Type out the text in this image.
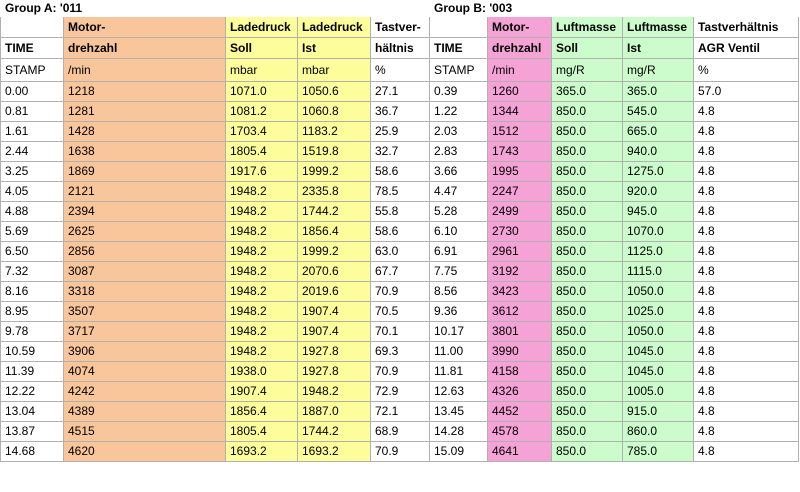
Group A: '011					Group B: '003				
	Motor-	Ladedruck	Ladedruck	Tastver-		Motor-	Luftmasse	Luftmasse	Tastverhältnis
TIME	drehzahl	Soll	Ist	hältnis	TIME	drehzahl	Soll	Ist	AGR Ventil
STAMP	/min	mbar	mbar	%	STAMP	/min	mg/R	mg/R	%
0.00	1218	1071.0	1050.6	27.1	0.39	1260	365.0	365.0	57.0
0.81	1281	1081.2	1060.8	36.7	1.22	1344	850.0	545.0	4.8
1.61	1428	1703.4	1183.2	25.9	2.03	1512	850.0	665.0	4.8
2.44	1638	1805.4	1519.8	32.7	2.83	1743	850.0	940.0	4.8
3.25	1869	1917.6	1999.2	58.6	3.66	1995	850.0	1275.0	4.8
4.05	2121	1948.2	2335.8	78.5	4.47	2247	850.0	920.0	4.8
4.88	2394	1948.2	1744.2	55.8	5.28	2499	850.0	945.0	4.8
5.69	2625	1948.2	1856.4	58.6	6.10	2730	850.0	1070.0	4.8
6.50	2856	1948.2	1999.2	63.0	6.91	2961	850.0	1125.0	4.8
7.32	3087	1948.2	2070.6	67.7	7.75	3192	850.0	1115.0	4.8
8.16	3318	1948.2	2019.6	70.9	8.56	3423	850.0	1050.0	4.8
8.95	3507	1948.2	1907.4	70.5	9.36	3612	850.0	1025.0	4.8
9.78	3717	1948.2	1907.4	70.1	10.17	3801	850.0	1050.0	4.8
10.59	3906	1948.2	1927.8	69.3	11.00	3990	850.0	1045.0	4.8
11.39	4074	1938.0	1927.8	70.9	11.81	4158	850.0	1045.0	4.8
12.22	4242	1907.4	1948.2	72.9	12.63	4326	850.0	1005.0	4.8
13.04	4389	1856.4	1887.0	72.1	13.45	4452	850.0	915.0	4.8
13.87	4515	1805.4	1744.2	68.9	14.28	4578	850.0	860.0	4.8
14.68	4620	1693.2	1693.2	70.9	15.09	4641	850.0	785.0	4.8
